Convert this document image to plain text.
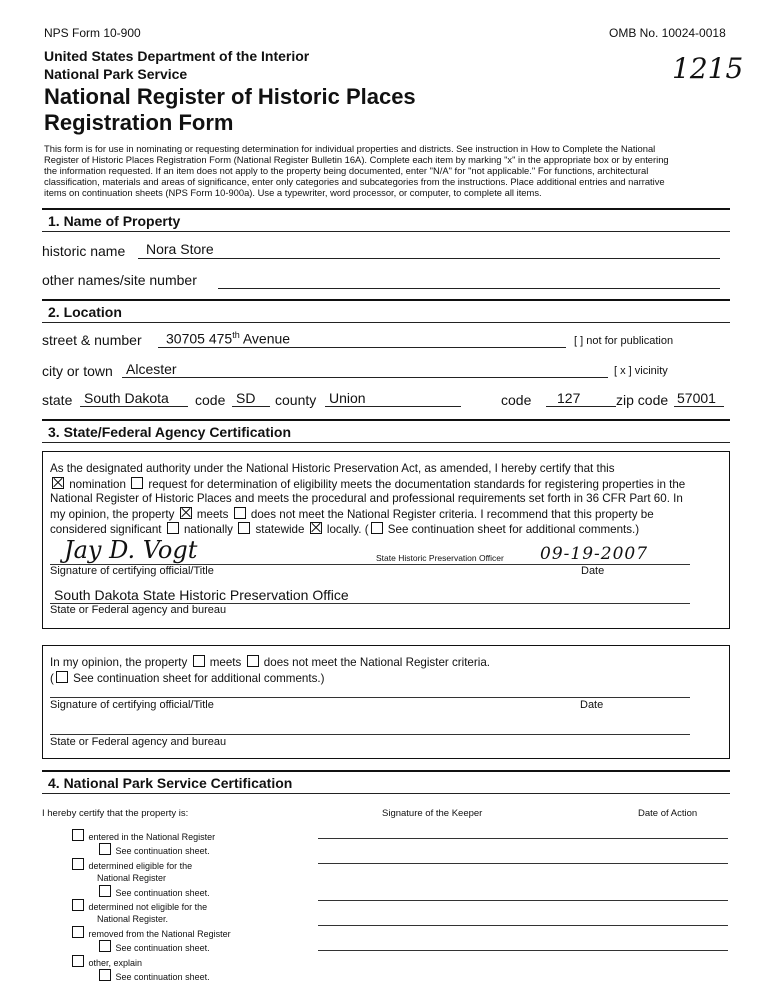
NPS Form 10-900	OMB No. 10024-0018
1215
United States Department of the Interior
National Park Service
National Register of Historic Places
Registration Form
This form is for use in nominating or requesting determination for individual properties and districts. See instruction in How to Complete the National
Register of Historic Places Registration Form (National Register Bulletin 16A). Complete each item by marking "x" in the appropriate box or by entering
the information requested. If an item does not apply to the property being documented, enter "N/A" for "not applicable." For functions, architectural
classification, materials and areas of significance, enter only categories and subcategories from the instructions. Place additional entries and narrative
items on continuation sheets (NPS Form 10-900a). Use a typewriter, word processor, or computer, to complete all items.
1. Name of Property
historic name Nora Store
other names/site number
2. Location
street & number 30705 475th Avenue	[ ] not for publication
city or town Alcester	[ x ] vicinity
state South Dakota code SD county Union	code 127	zip code 57001
3. State/Federal Agency Certification
As the designated authority under the National Historic Preservation Act, as amended, I hereby certify that this
nomination request for determination of eligibility meets the documentation standards for registering properties in the
National Register of Historic Places and meets the procedural and professional requirements set forth in 36 CFR Part 60. In
my opinion, the property meets does not meet the National Register criteria. I recommend that this property be
considered significant nationally statewide locally. ( See continuation sheet for additional comments.)
Jay D. Vogt	State Historic Preservation Officer 09-19-2007
Signature of certifying official/Title	Date
South Dakota State Historic Preservation Office
State or Federal agency and bureau
In my opinion, the property meets does not meet the National Register criteria.
( See continuation sheet for additional comments.)
Signature of certifying official/Title	Date
State or Federal agency and bureau
4. National Park Service Certification
I hereby certify that the property is:	Signature of the Keeper	Date of Action
entered in the National Register
See continuation sheet.
determined eligible for the
National Register
See continuation sheet.
determined not eligible for the
National Register.
removed from the National Register
See continuation sheet.
other, explain
See continuation sheet.
